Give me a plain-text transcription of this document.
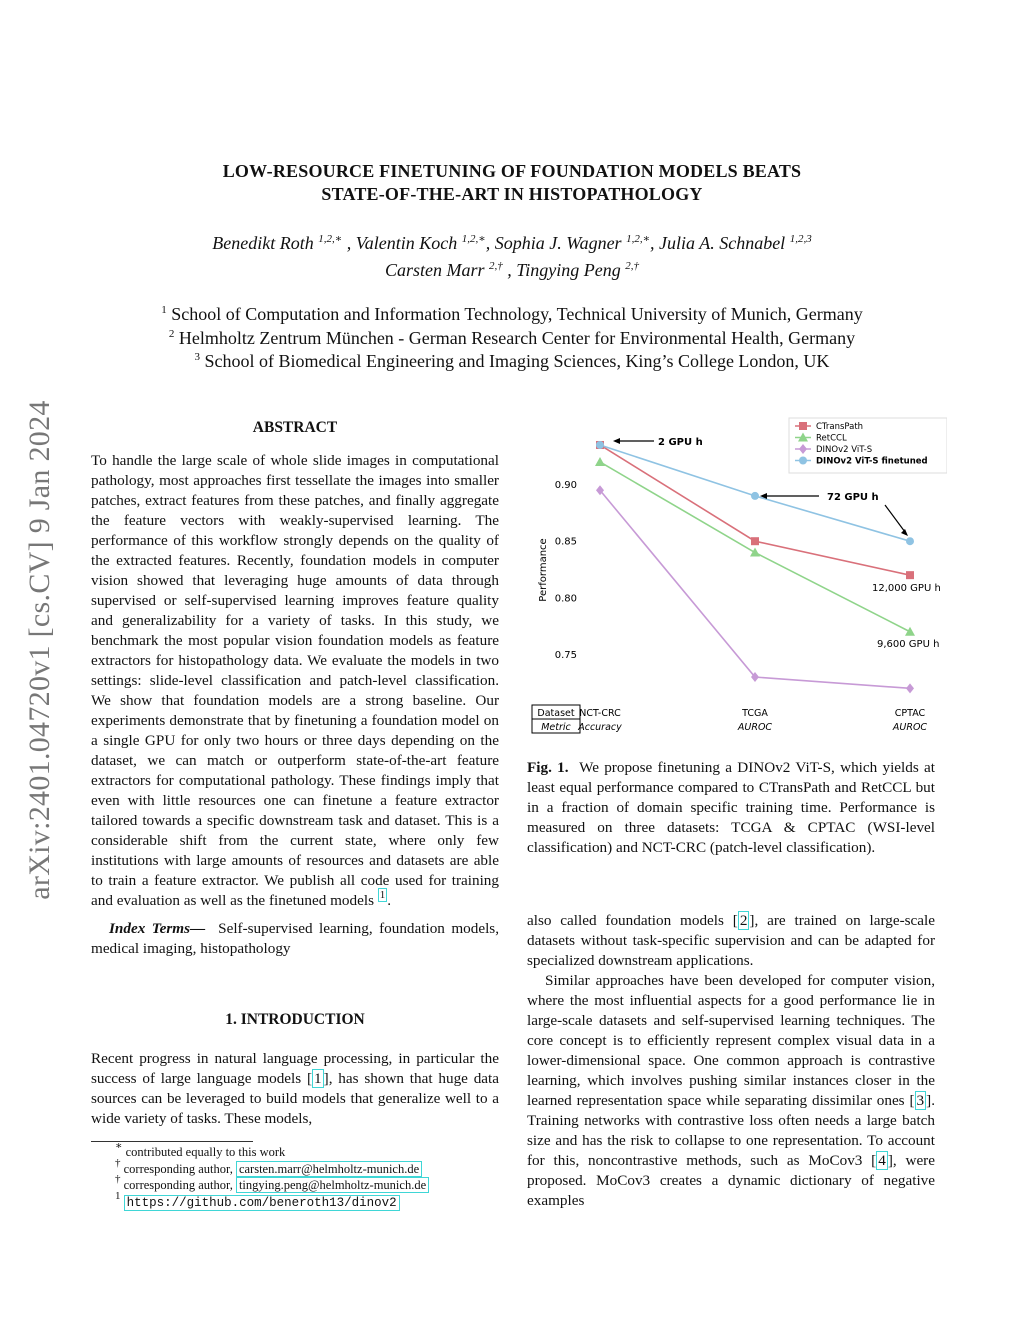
arXiv:2401.04720v1 [cs.CV] 9 Jan 2024
LOW-RESOURCE FINETUNING OF FOUNDATION MODELS BEATS
STATE-OF-THE-ART IN HISTOPATHOLOGY
Benedikt Roth $^{1,2,∗}$ , Valentin Koch $^{1,2,∗}$, Sophia J. Wagner $^{1,2,∗}$, Julia A. Schnabel $^{1,2,3}$
Carsten Marr $^{2,\dagger}$ , Tingying Peng $^{2,\dagger}$
$^1$ School of Computation and Information Technology, Technical University of Munich, Germany
$^2$ Helmholtz Zentrum München - German Research Center for Environmental Health, Germany
$^3$ School of Biomedical Engineering and Imaging Sciences, King’s College London, UK

ABSTRACT

To handle the large scale of whole slide images in computational pathology, most approaches first tessellate the images into smaller patches, extract features from these patches, and finally aggregate the feature vectors with weakly-supervised learning. The performance of this workflow strongly depends on the quality of the extracted features. Recently, foundation models in computer vision showed that leveraging huge amounts of data through supervised or self-supervised learning improves feature quality and generalizability for a variety of tasks. In this study, we benchmark the most popular vision foundation models as feature extractors for histopathology data. We evaluate the models in two settings: slide-level classification and patch-level classification. We show that foundation models are a strong baseline. Our experiments demonstrate that by finetuning a foundation model on a single GPU for only two hours or three days depending on the dataset, we can match or outperform state-of-the-art feature extractors for computational pathology. These findings imply that even with little resources one can finetune a feature extractor tailored towards a specific downstream task and dataset. This is a considerable shift from the current state, where only few institutions with large amounts of resources and datasets are able to train a feature extractor. We publish all code used for training and evaluation as well as the finetuned models $^1$ .

Index Terms— Self-supervised learning, foundation models, medical imaging, histopathology

1. INTRODUCTION

Recent progress in natural language processing, in particular the success of large language models [ 1 ], has shown that huge data sources can be leveraged to build models that generalize well to a wide variety of tasks. These models,

∗ contributed equally to this work
† corresponding author, carsten.marr@helmholtz-munich.de
† corresponding author, tingying.peng@helmholtz-munich.de
$^1$ https://github.com/beneroth13/dinov2
0.75
0.80
0.85
0.90
Performance
CTransPath
RetCCL
DINOv2 ViT-S
DINOv2 ViT-S finetuned
2 GPU h
72 GPU h
12,000 GPU h
9,600 GPU h
Dataset
Metric
NCT-CRC
Accuracy
TCGA
AUROC
CPTAC
AUROC

Fig. 1. We propose finetuning a DINOv2 ViT-S, which yields at least equal performance compared to CTransPath and RetCCL but in a fraction of domain specific training time. Performance is measured on three datasets: TCGA & CPTAC (WSI-level classification) and NCT-CRC (patch-level classification).

also called foundation models [ 2 ], are trained on large-scale datasets without task-specific supervision and can be adapted for specialized downstream applications.

Similar approaches have been developed for computer vision, where the most influential aspects for a good performance lie in large-scale datasets and self-supervised learning techniques. The core concept is to efficiently represent complex visual data in a lower-dimensional space. One common approach is contrastive learning, which involves pushing similar instances closer in the learned representation space while separating dissimilar ones [ 3 ]. Training networks with contrastive loss often needs a large batch size and has the risk to collapse to one representation. To account for this, noncontrastive methods, such as MoCov3 [ 4 ], were proposed. MoCov3 creates a dynamic dictionary of negative examples
